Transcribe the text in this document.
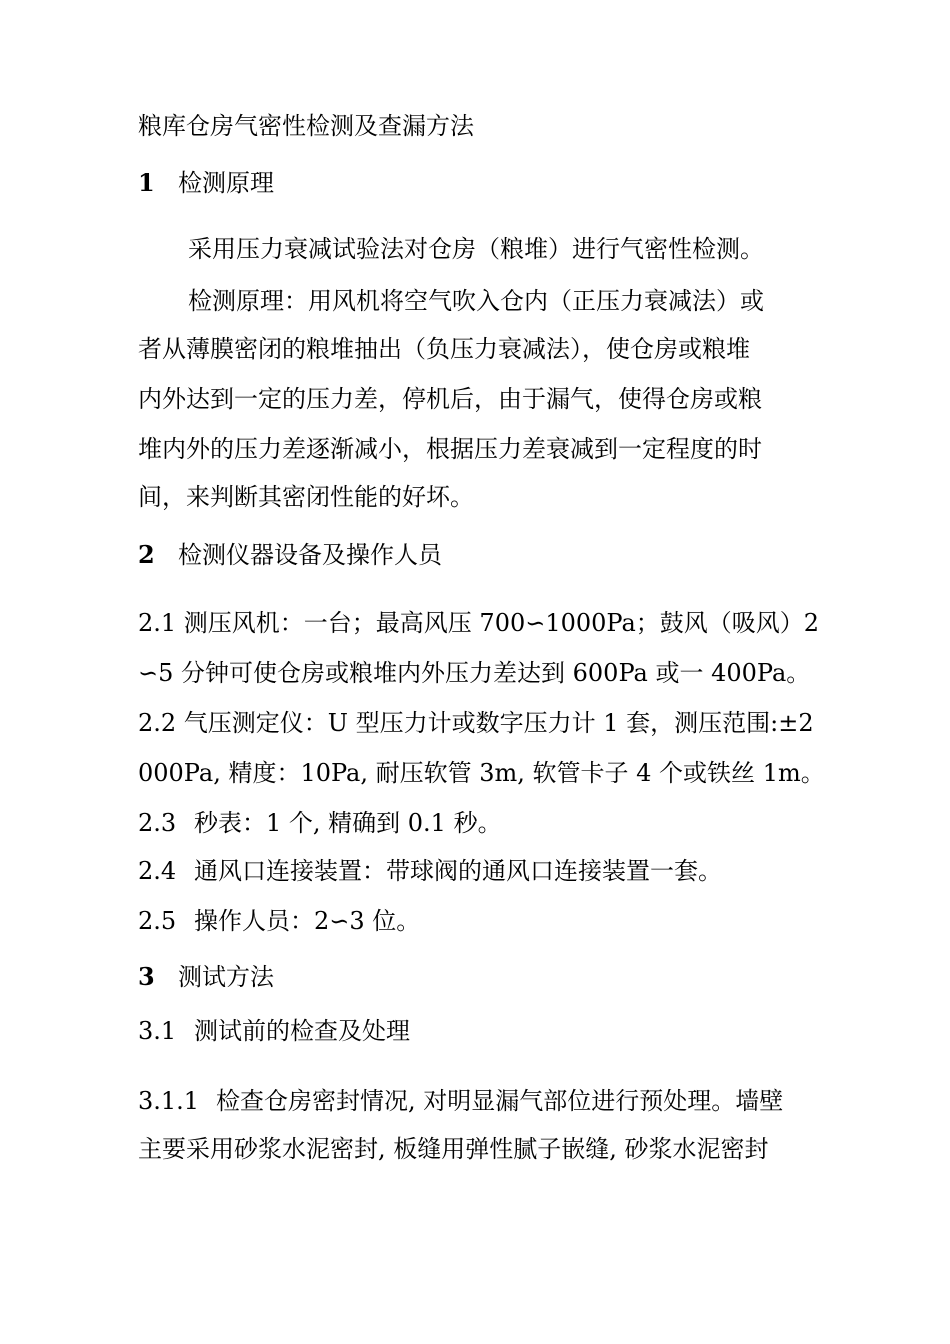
粮库仓房气密性检测及查漏方法
1 检测原理
采用压力衰减试验法对仓房（粮堆）进行气密性检测。
检测原理：用风机将空气吹入仓内（正压力衰减法）或
者从薄膜密闭的粮堆抽出（负压力衰减法），使仓房或粮堆
内外达到一定的压力差，停机后，由于漏气，使得仓房或粮
堆内外的压力差逐渐减小，根据压力差衰减到一定程度的时
间，来判断其密闭性能的好坏。
2 检测仪器设备及操作人员
2.1 测压风机：一台；最高风压 700∽1000Pa；鼓风（吸风）2
∽5 分钟可使仓房或粮堆内外压力差达到 600Pa 或一 400Pa。
2.2 气压测定仪：U 型压力计或数字压力计 1 套，测压范围:±2
000Pa, 精度：10Pa, 耐压软管 3m, 软管卡子 4 个或铁丝 1m。
2.3 秒表：1 个, 精确到 0.1 秒。
2.4 通风口连接装置：带球阀的通风口连接装置一套。
2.5 操作人员：2∽3 位。
3 测试方法
3.1 测试前的检查及处理
3.1.1 检查仓房密封情况, 对明显漏气部位进行预处理。墙壁
主要采用砂浆水泥密封, 板缝用弹性腻子嵌缝, 砂浆水泥密封
